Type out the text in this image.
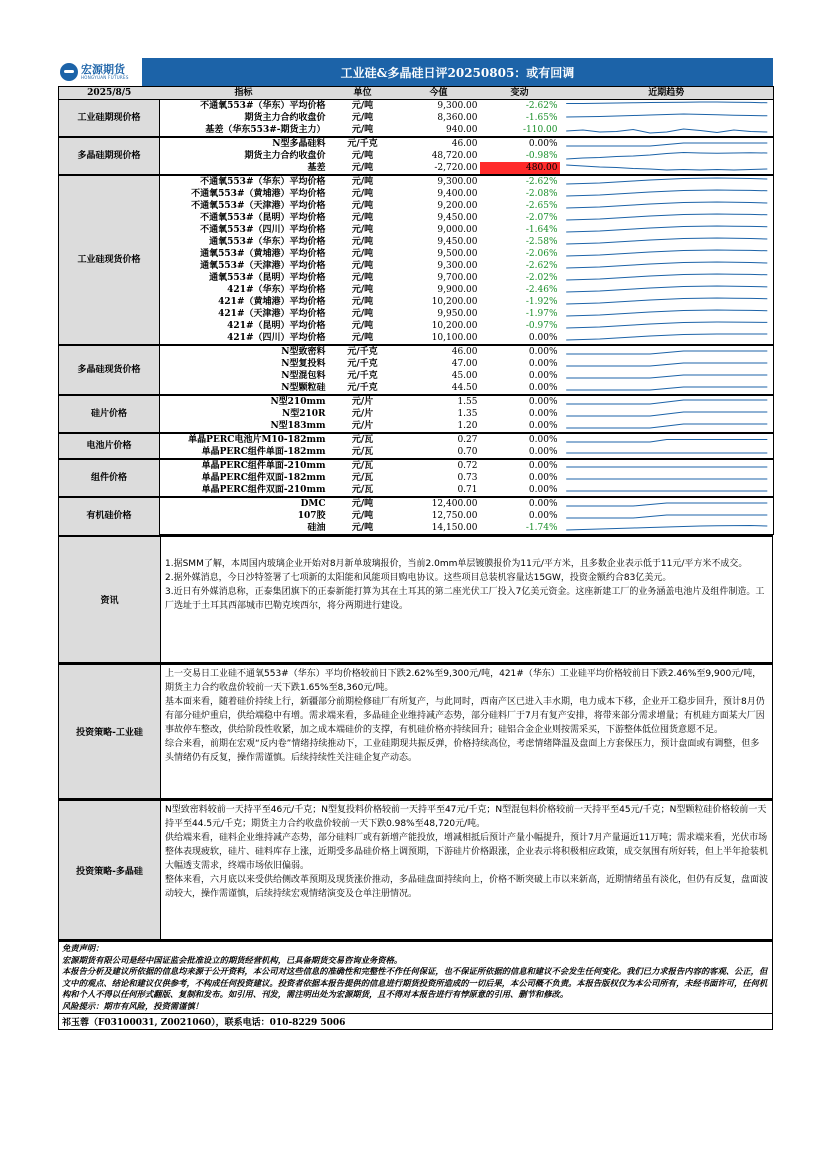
宏源期货
HONGYUAN FUTURES	工业硅&多晶硅日评20250805：或有回调
2025/8/5	指标	单位	今值	变动	近期趋势
工业硅期现价格	不通氧553#（华东）平均价格	元/吨	9,300.00	-2.62%	

	期货主力合约收盘价	元/吨	8,360.00	-1.65%	

	基差（华东553#-期货主力）	元/吨	940.00	-110.00	

多晶硅期现价格	N型多晶硅料	元/千克	46.00	0.00%	

	期货主力合约收盘价	元/吨	48,720.00	-0.98%	

	基差	元/吨	-2,720.00	480.00	

工业硅现货价格	不通氧553#（华东）平均价格	元/吨	9,300.00	-2.62%	

	不通氧553#（黄埔港）平均价格	元/吨	9,400.00	-2.08%	

	不通氧553#（天津港）平均价格	元/吨	9,200.00	-2.65%	

	不通氧553#（昆明）平均价格	元/吨	9,450.00	-2.07%	

	不通氧553#（四川）平均价格	元/吨	9,000.00	-1.64%	

	通氧553#（华东）平均价格	元/吨	9,450.00	-2.58%	

	通氧553#（黄埔港）平均价格	元/吨	9,500.00	-2.06%	

	通氧553#（天津港）平均价格	元/吨	9,300.00	-2.62%	

	通氧553#（昆明）平均价格	元/吨	9,700.00	-2.02%	

	421#（华东）平均价格	元/吨	9,900.00	-2.46%	

	421#（黄埔港）平均价格	元/吨	10,200.00	-1.92%	

	421#（天津港）平均价格	元/吨	9,950.00	-1.97%	

	421#（昆明）平均价格	元/吨	10,200.00	-0.97%	

	421#（四川）平均价格	元/吨	10,100.00	0.00%	

多晶硅现货价格	N型致密料	元/千克	46.00	0.00%	

	N型复投料	元/千克	47.00	0.00%	

	N型混包料	元/千克	45.00	0.00%	

	N型颗粒硅	元/千克	44.50	0.00%	

硅片价格	N型210mm	元/片	1.55	0.00%	

	N型210R	元/片	1.35	0.00%	

	N型183mm	元/片	1.20	0.00%	

电池片价格	单晶PERC电池片M10-182mm	元/瓦	0.27	0.00%	

	单晶PERC组件单面-182mm	元/瓦	0.70	0.00%	

组件价格	单晶PERC组件单面-210mm	元/瓦	0.72	0.00%	

	单晶PERC组件双面-182mm	元/瓦	0.73	0.00%	

	单晶PERC组件双面-210mm	元/瓦	0.71	0.00%	

有机硅价格	DMC	元/吨	12,400.00	0.00%	

	107胶	元/吨	12,750.00	0.00%	

	硅油	元/吨	14,150.00	-1.74%	
资讯

1.据SMM了解，本周国内玻璃企业开始对8月新单玻璃报价，当前2.0mm单层镀膜报价为11元/平方米，且多数企业表示低于11元/平方米不成交。

2.据外媒消息，今日沙特签署了七项新的太阳能和风能项目购电协议。这些项目总装机容量达15GW，投资金额约合83亿美元。

3.近日有外媒消息称，正泰集团旗下的正泰新能打算为其在土耳其的第二座光伏工厂投入7亿美元资金。这座新建工厂的业务涵盖电池片及组件制造。工厂选址于土耳其西部城市巴勒克埃西尔，将分两期进行建设。

投资策略-工业硅

上一交易日工业硅不通氧553#（华东）平均价格较前日下跌2.62%至9,300元/吨，421#（华东）工业硅平均价格较前日下跌2.46%至9,900元/吨，期货主力合约收盘价较前一天下跌1.65%至8,360元/吨。

基本面来看，随着硅价持续上行，新疆部分前期检修硅厂有所复产，与此同时，西南产区已进入丰水期，电力成本下移，企业开工稳步回升，预计8月仍有部分硅炉重启，供给端稳中有增。需求端来看，多晶硅企业维持减产态势，部分硅料厂于7月有复产安排，将带来部分需求增量；有机硅方面某大厂因事故停车整改，供给阶段性收紧，加之成本端硅价的支撑，有机硅价格亦持续回升；硅铝合金企业则按需采买，下游整体低位囤货意愿不足。

综合来看，前期在宏观“反内卷”情绪持续推动下，工业硅期现共振反弹，价格持续高位，考虑情绪降温及盘面上方套保压力，预计盘面或有调整，但多头情绪仍有反复，操作需谨慎。后续持续性关注硅企复产动态。

投资策略-多晶硅

N型致密料较前一天持平至46元/千克；N型复投料价格较前一天持平至47元/千克；N型混包料价格较前一天持平至45元/千克；N型颗粒硅价格较前一天持平至44.5元/千克；期货主力合约收盘价较前一天下跌0.98%至48,720元/吨。

供给端来看，硅料企业维持减产态势，部分硅料厂或有新增产能投放，增减相抵后预计产量小幅提升，预计7月产量逼近11万吨；需求端来看，光伏市场整体表现疲软，硅片、硅料库存上涨，近期受多晶硅价格上调预期，下游硅片价格跟涨，企业表示将积极相应政策，成交氛围有所好转，但上半年抢装机大幅透支需求，终端市场依旧偏弱。

整体来看，六月底以来受供给侧改革预期及现货涨价推动，多晶硅盘面持续向上，价格不断突破上市以来新高，近期情绪虽有淡化，但仍有反复，盘面波动较大，操作需谨慎，后续持续宏观情绪演变及仓单注册情况。

免责声明：

宏源期货有限公司是经中国证监会批准设立的期货经营机构，已具备期货交易咨询业务资格。

本报告分析及建议所依据的信息均来源于公开资料，本公司对这些信息的准确性和完整性不作任何保证，也不保证所依据的信息和建议不会发生任何变化。我们已力求报告内容的客观、公正，但文中的观点、结论和建议仅供参考，不构成任何投资建议。投资者依据本报告提供的信息进行期货投资所造成的一切后果，本公司概不负责。本报告版权仅为本公司所有，未经书面许可，任何机构和个人不得以任何形式翻版、复制和发布。如引用、刊发，需注明出处为宏源期货，且不得对本报告进行有悖原意的引用、删节和修改。

风险提示：期市有风险，投资需谨慎！

祁玉蓉（F03100031, Z0021060），联系电话：010-8229 5006
